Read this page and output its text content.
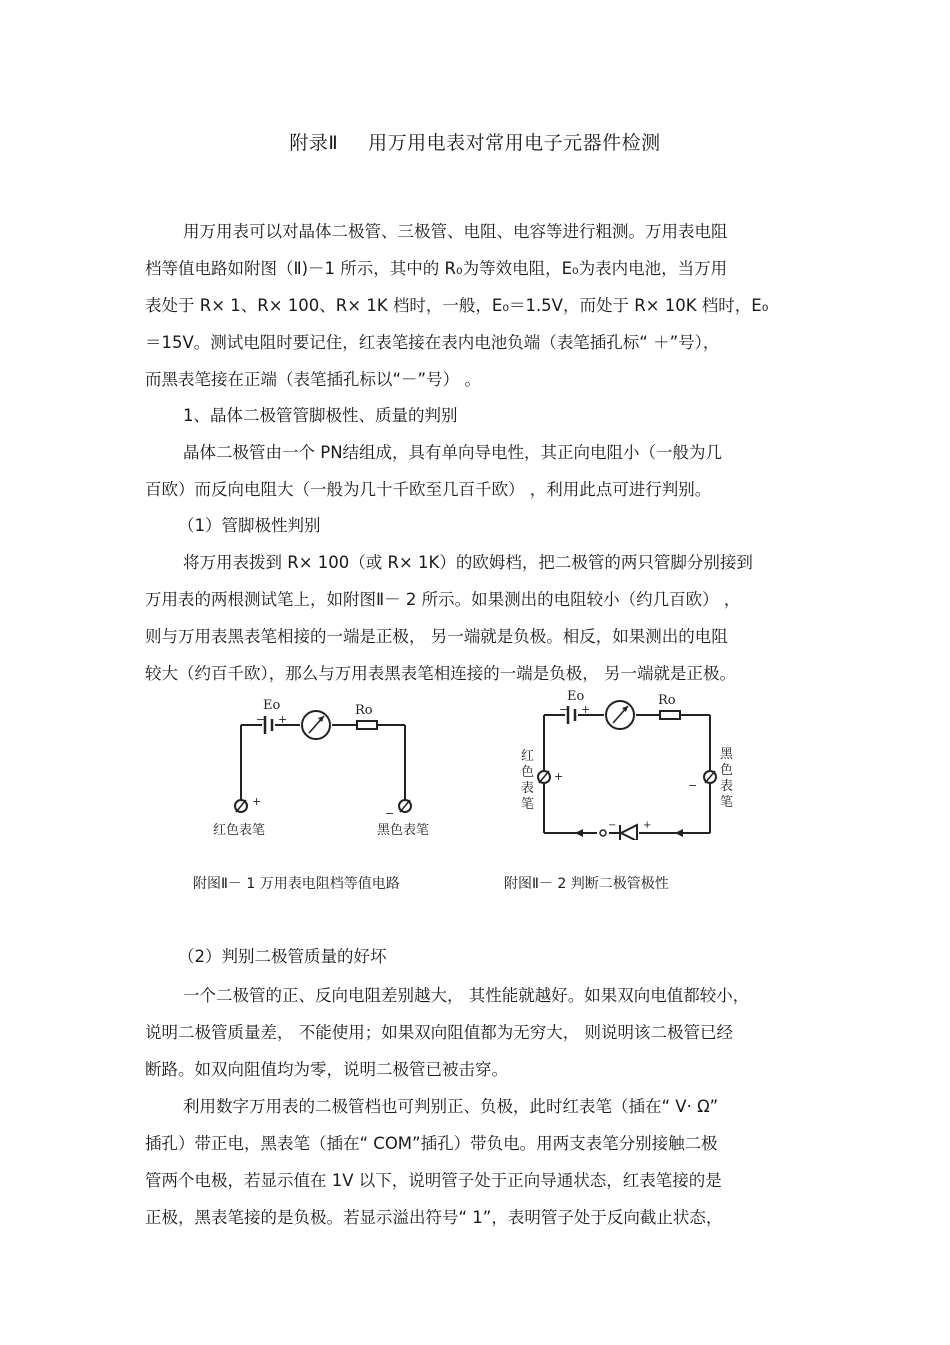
附录Ⅱ 用万用电表对常用电子元器件检测
用万用表可以对晶体二极管、三极管、电阻、电容等进行粗测。万用表电阻
档等值电路如附图（Ⅱ)－1 所示，其中的 R₀为等效电阻，E₀为表内电池，当万用
表处于 R× 1、R× 100、R× 1K 档时，一般，E₀＝1.5V，而处于 R× 10K 档时，E₀
＝15V。测试电阻时要记住，红表笔接在表内电池负端（表笔插孔标“ ＋”号），
而黑表笔接在正端（表笔插孔标以“－”号） 。
1、晶体二极管管脚极性、质量的判别
晶体二极管由一个 PN结组成，具有单向导电性，其正向电阻小（一般为几
百欧）而反向电阻大（一般为几十千欧至几百千欧） ，利用此点可进行判别。
（1）管脚极性判别
将万用表拨到 R× 100（或 R× 1K）的欧姆档，把二极管的两只管脚分别接到
万用表的两根测试笔上，如附图Ⅱ－ 2 所示。如果测出的电阻较小（约几百欧） ，
则与万用表黑表笔相接的一端是正极， 另一端就是负极。相反，如果测出的电阻
较大（约百千欧），那么与万用表黑表笔相连接的一端是负极， 另一端就是正极。
Eo	Ro
− +
+
−
红色表笔	黑色表笔
Eo	Ro
− +
+
−
红
色
表
笔
黑
色
表
笔
−	+
附图Ⅱ－ 1 万用表电阻档等值电路	附图Ⅱ－ 2 判断二极管极性
（2）判别二极管质量的好坏
一个二极管的正、反向电阻差别越大， 其性能就越好。如果双向电值都较小，
说明二极管质量差， 不能使用；如果双向阻值都为无穷大， 则说明该二极管已经
断路。如双向阻值均为零，说明二极管已被击穿。
利用数字万用表的二极管档也可判别正、负极，此时红表笔（插在“ V· Ω”
插孔）带正电，黑表笔（插在“ COM”插孔）带负电。用两支表笔分别接触二极
管两个电极，若显示值在 1V 以下，说明管子处于正向导通状态，红表笔接的是
正极，黑表笔接的是负极。若显示溢出符号“ 1”，表明管子处于反向截止状态，
